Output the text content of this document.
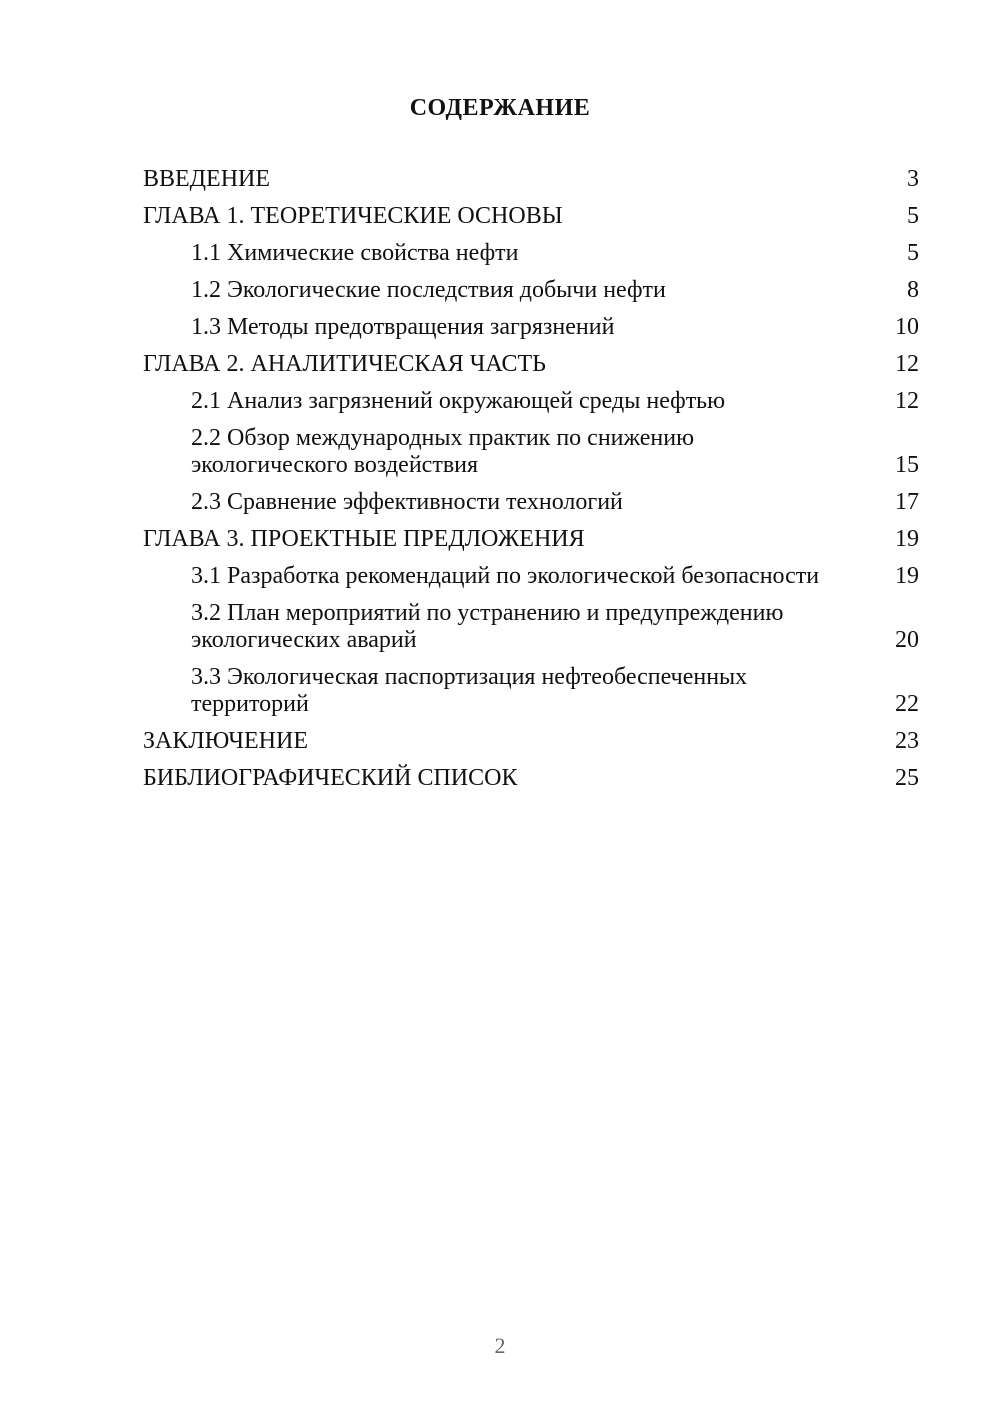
СОДЕРЖАНИЕ
ВВЕДЕНИЕ	3
ГЛАВА 1. ТЕОРЕТИЧЕСКИЕ ОСНОВЫ	5
1.1 Химические свойства нефти	5
1.2 Экологические последствия добычи нефти	8
1.3 Методы предотвращения загрязнений	10
ГЛАВА 2. АНАЛИТИЧЕСКАЯ ЧАСТЬ	12
2.1 Анализ загрязнений окружающей среды нефтью	12
2.2 Обзор международных практик по снижению экологического воздействия	15
2.3 Сравнение эффективности технологий	17
ГЛАВА 3. ПРОЕКТНЫЕ ПРЕДЛОЖЕНИЯ	19
3.1 Разработка рекомендаций по экологической безопасности	19
3.2 План мероприятий по устранению и предупреждению экологических аварий	20
3.3 Экологическая паспортизация нефтеобеспеченных территорий	22
ЗАКЛЮЧЕНИЕ	23
БИБЛИОГРАФИЧЕСКИЙ СПИСОК	25
2
